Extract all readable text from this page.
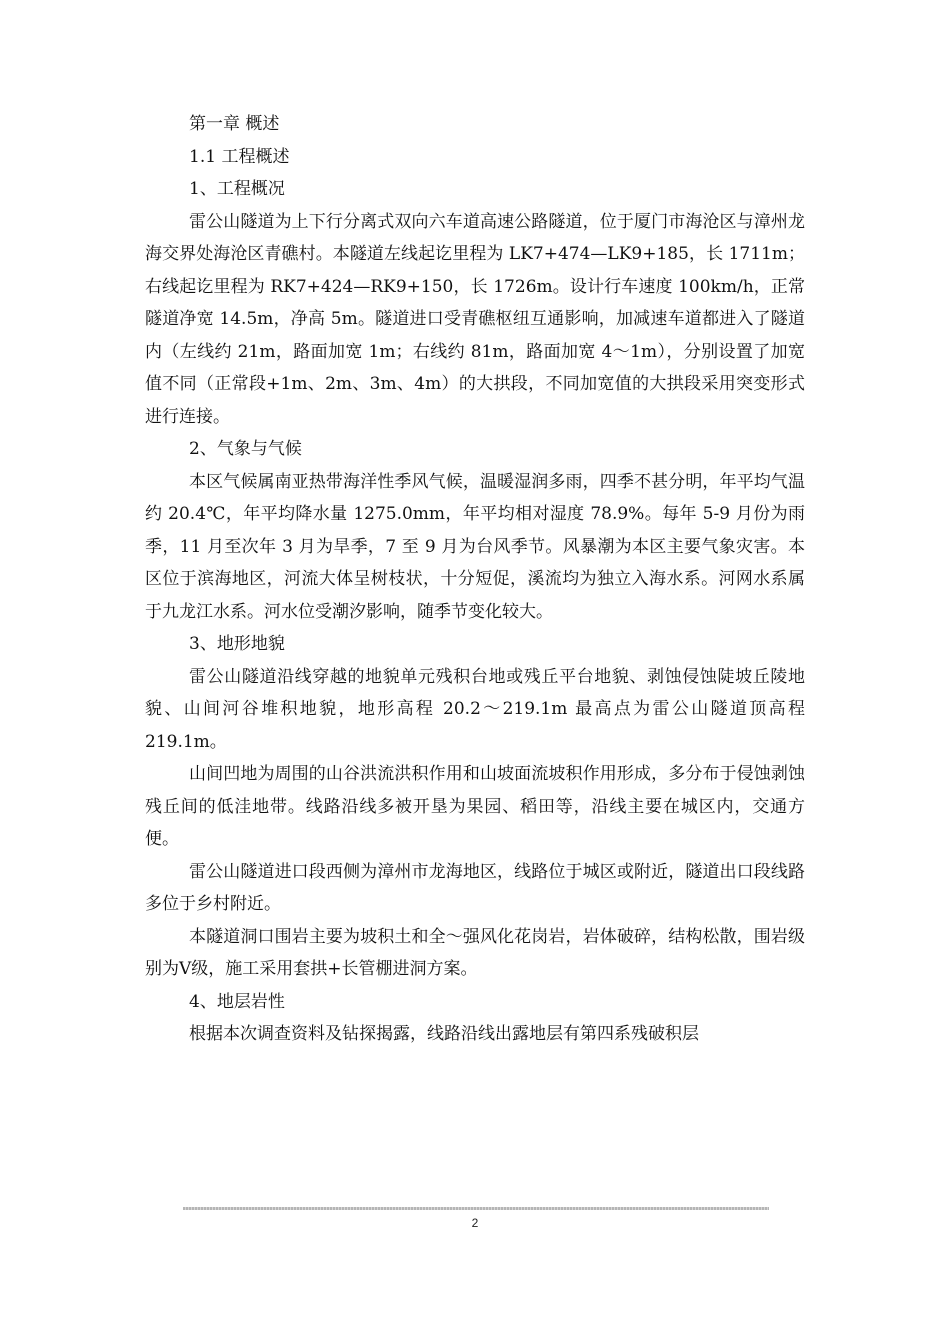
第一章 概述

1.1 工程概述

1、工程概况

雷公山隧道为上下行分离式双向六车道高速公路隧道，位于厦门市海沧区与漳州龙海交界处海沧区青礁村。本隧道左线起讫里程为 LK7+474—LK9+185，长 1711m；右线起讫里程为 RK7+424—RK9+150，长 1726m。设计行车速度 100km/h，正常隧道净宽 14.5m，净高 5m。隧道进口受青礁枢纽互通影响，加减速车道都进入了隧道内（左线约 21m，路面加宽 1m；右线约 81m，路面加宽 4～1m），分别设置了加宽值不同（正常段+1m、2m、3m、4m）的大拱段，不同加宽值的大拱段采用突变形式进行连接。

2、气象与气候

本区气候属南亚热带海洋性季风气候，温暖湿润多雨，四季不甚分明，年平均气温约 20.4℃，年平均降水量 1275.0mm，年平均相对湿度 78.9%。每年 5-9 月份为雨季，11 月至次年 3 月为旱季，7 至 9 月为台风季节。风暴潮为本区主要气象灾害。本区位于滨海地区，河流大体呈树枝状，十分短促，溪流均为独立入海水系。河网水系属于九龙江水系。河水位受潮汐影响，随季节变化较大。

3、地形地貌

雷公山隧道沿线穿越的地貌单元残积台地或残丘平台地貌、剥蚀侵蚀陡坡丘陵地貌、山间河谷堆积地貌，地形高程 20.2～219.1m 最高点为雷公山隧道顶高程 219.1m。

山间凹地为周围的山谷洪流洪积作用和山坡面流坡积作用形成，多分布于侵蚀剥蚀残丘间的低洼地带。线路沿线多被开垦为果园、稻田等，沿线主要在城区内，交通方便。

雷公山隧道进口段西侧为漳州市龙海地区，线路位于城区或附近，隧道出口段线路多位于乡村附近。

本隧道洞口围岩主要为坡积土和全～强风化花岗岩，岩体破碎，结构松散，围岩级别为Ⅴ级，施工采用套拱+长管棚进洞方案。

4、地层岩性

根据本次调查资料及钻探揭露，线路沿线出露地层有第四系残破积层

2
